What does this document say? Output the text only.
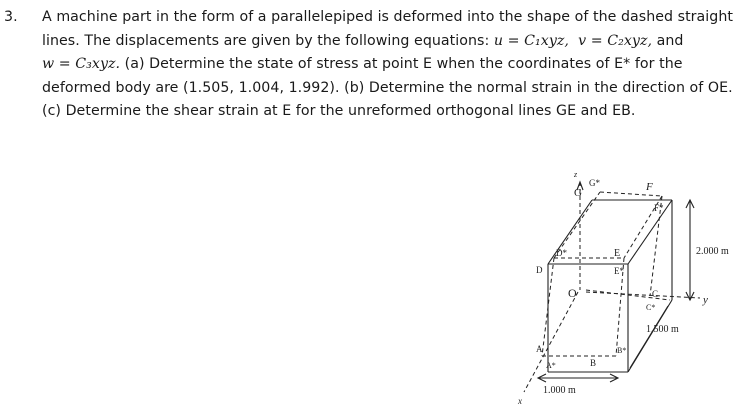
3.	A machine part in the form of a parallelepiped is deformed into the shape of the dashed straight
lines. The displacements are given by the following equations: u = C₁xyz, v = C₂xyz, and
w = C₃xyz. (a) Determine the state of stress at point E when the coordinates of E* for the
deformed body are (1.505, 1.004, 1.992). (b) Determine the normal strain in the direction of OE.
(c) Determine the shear strain at E for the unreformed orthogonal lines GE and EB.
G
G*	F
F*
D
D*	E
E*
O	C
C*
y
A
A*	B
B*
x
z
2.000 m
1.500 m
1.000 m
